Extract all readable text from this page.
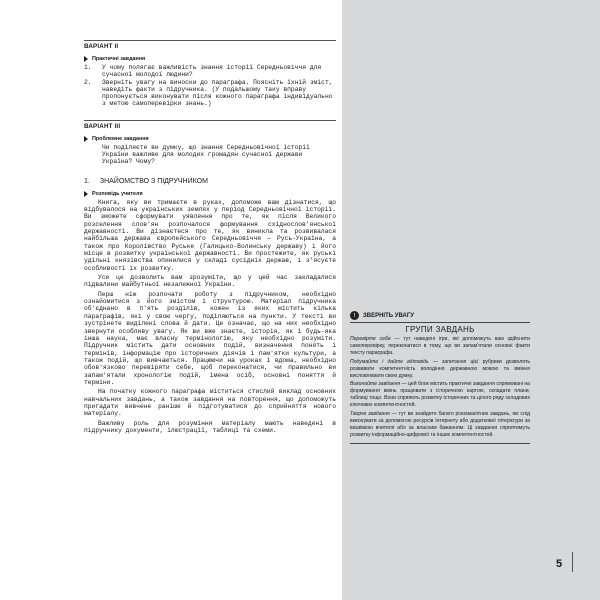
ВАРІАНТ ІІ
Практичні завдання
1.	У чому полягає важливість знання історії Середньовіччя для сучасної молодої людини?
2.	Зверніть увагу на виноски до параграфа. Поясніть їхній зміст, наведіть факти з підручника. (У подальшому таку вправу пропонується виконувати після кожного параграфа індивідуально з метою самоперевірки знань.)
ВАРІАНТ ІІІ
Проблемне завдання
Чи поділяєте ви думку, що знання Середньовічної історії України важливе для молодих громадян сучасної держави Україна? Чому?
1. ЗНАЙОМСТВО З ПІДРУЧНИКОМ
Розповідь учителя

Книга, яку ви тримаєте в руках, допоможе вам дізнатися, що відбувалося на українських землях у період Середньовічної історії. Ви зможете сформувати уявлення про те, як після Великого розселення слов'ян розпочалося формування східнослов'янської державності. Ви дізнаєтеся про те, як виникла та розвивалася найбільша держава європейського Середньовіччя — Русь-Україна, а також про Королівство Руське (Галицько-Волинську державу) і його місце в розвитку української державності. Ви простежите, як руські удільні князівства опинилися у складі сусідніх держав, і з'ясуєте особливості їх розвитку.

Усе це дозволить вам зрозуміти, що у цей час закладалися підвалини майбутньої незалежної України.

Перш ніж розпочати роботу з підручником, необхідно ознайомитися з його змістом і структурою. Матеріал підручника об'єднано в п'ять розділів, кожен із яких містить кілька параграфів, які у свою чергу, поділяються на пункти. У тексті ви зустрінете виділені слова й дати. Це означає, що на них необхідно звернути особливу увагу. Як ви вже знаєте, історія, як і будь-яка інша наука, має власну термінологію, яку необхідно розуміти. Підручник містить дати основних подій, визначення понять і термінів, інформацію про історичних діячів і пам'ятки культури, а також подій, що вивчаються. Працюючи на уроках і вдома, необхідно обов'язково перевіряти себе, щоб переконатися, чи правильно ви запам'ятали хронологію подій, імена осіб, основні поняття й терміни.

На початку кожного параграфа міститься стислий виклад основних навчальних завдань, а також завдання на повторення, що допоможуть пригадати вивчене раніше й підготуватися до сприйняття нового матеріалу.

Важливу роль для розуміння матеріалу мають наведені в підручнику документи, ілюстрації, таблиці та схеми.

!	ЗВЕРНІТЬ УВАГУ
ГРУПИ ЗАВДАНЬ

Перевірте себе — тут наведені ігри, які допоможуть вам здійснити самоперевірку, переконатися в тому, що ви запам'ятали основні факти тексту параграфа.

Подумайте і дайте відповідь — запитання цієї рубрики дозволять розвивати компетентність володіння державною мовою та вміння висловлювати свою думку.

Виконайте завдання — цей блок містить практичні завдання спрямовані на формування вмінь працювати з історичною картою, складати плани, таблиці тощо. Вони сприяють розвитку історичних та цілого ряду складових ключових компетентностей.

Творче завдання — тут ви знайдете багато різноманітних завдань, які слід виконувати за допомогою ресурсів Інтернету або додаткової літератури за вказівкою вчителя або за власним бажанням. Ці завдання сприятимуть розвитку інформаційно-цифрової та інших компетентностей.

5
